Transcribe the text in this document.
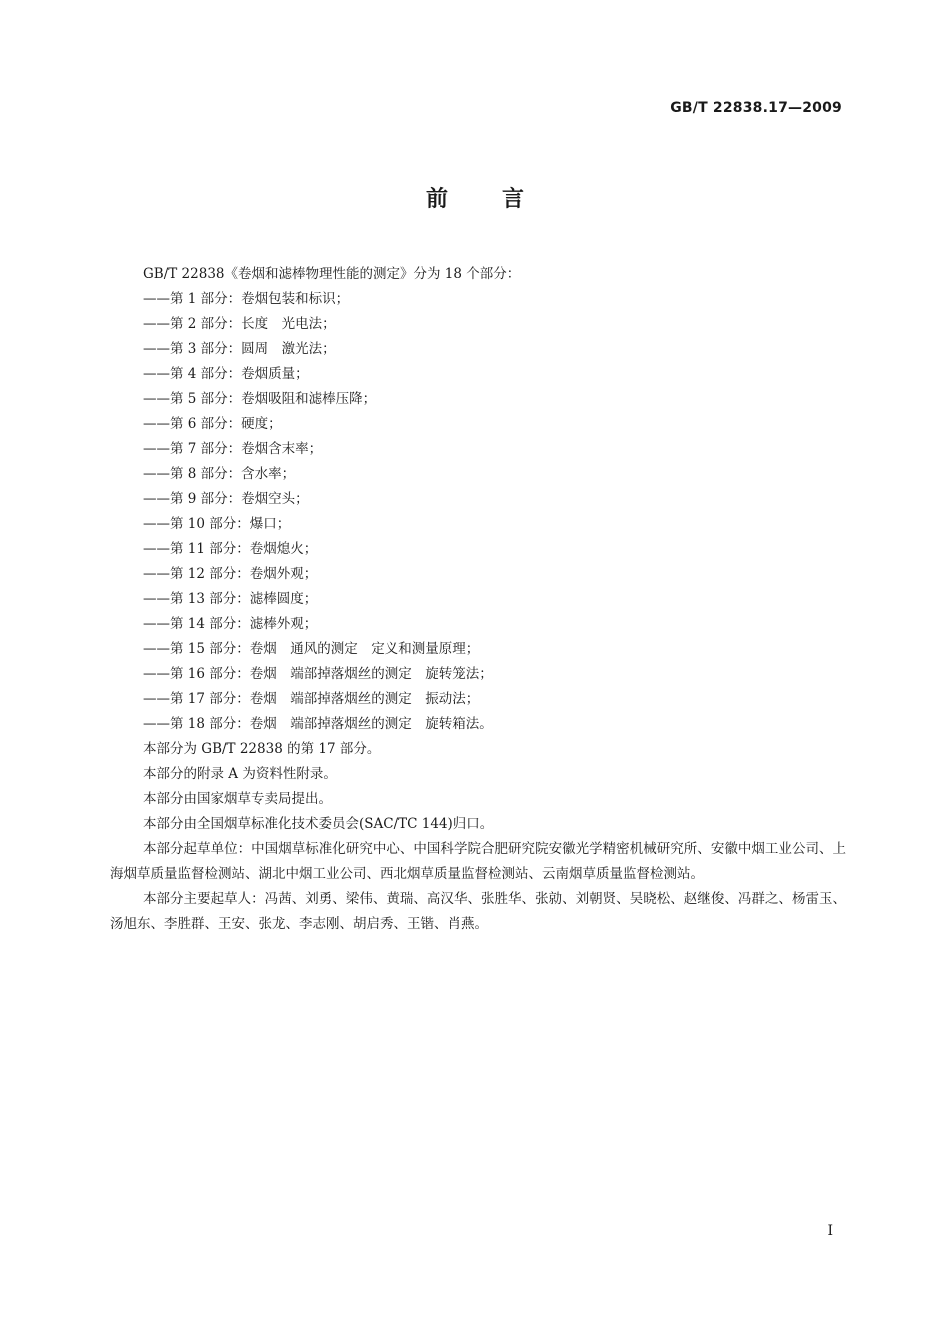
GB/T 22838.17—2009
前言

GB/T 22838《卷烟和滤棒物理性能的测定》分为 18 个部分：

——第 1 部分：卷烟包装和标识；

——第 2 部分：长度　光电法；

——第 3 部分：圆周　激光法；

——第 4 部分：卷烟质量；

——第 5 部分：卷烟吸阻和滤棒压降；

——第 6 部分：硬度；

——第 7 部分：卷烟含末率；

——第 8 部分：含水率；

——第 9 部分：卷烟空头；

——第 10 部分：爆口；

——第 11 部分：卷烟熄火；

——第 12 部分：卷烟外观；

——第 13 部分：滤棒圆度；

——第 14 部分：滤棒外观；

——第 15 部分：卷烟　通风的测定　定义和测量原理；

——第 16 部分：卷烟　端部掉落烟丝的测定　旋转笼法；

——第 17 部分：卷烟　端部掉落烟丝的测定　振动法；

——第 18 部分：卷烟　端部掉落烟丝的测定　旋转箱法。

本部分为 GB/T 22838 的第 17 部分。

本部分的附录 A 为资料性附录。

本部分由国家烟草专卖局提出。

本部分由全国烟草标准化技术委员会(SAC/TC 144)归口。

本部分起草单位：中国烟草标准化研究中心、中国科学院合肥研究院安徽光学精密机械研究所、安徽中烟工业公司、上海烟草质量监督检测站、湖北中烟工业公司、西北烟草质量监督检测站、云南烟草质量监督检测站。

本部分主要起草人：冯茜、刘勇、梁伟、黄瑞、高汉华、张胜华、张勍、刘朝贤、吴晓松、赵继俊、冯群之、杨雷玉、汤旭东、李胜群、王安、张龙、李志刚、胡启秀、王锴、肖燕。

I
